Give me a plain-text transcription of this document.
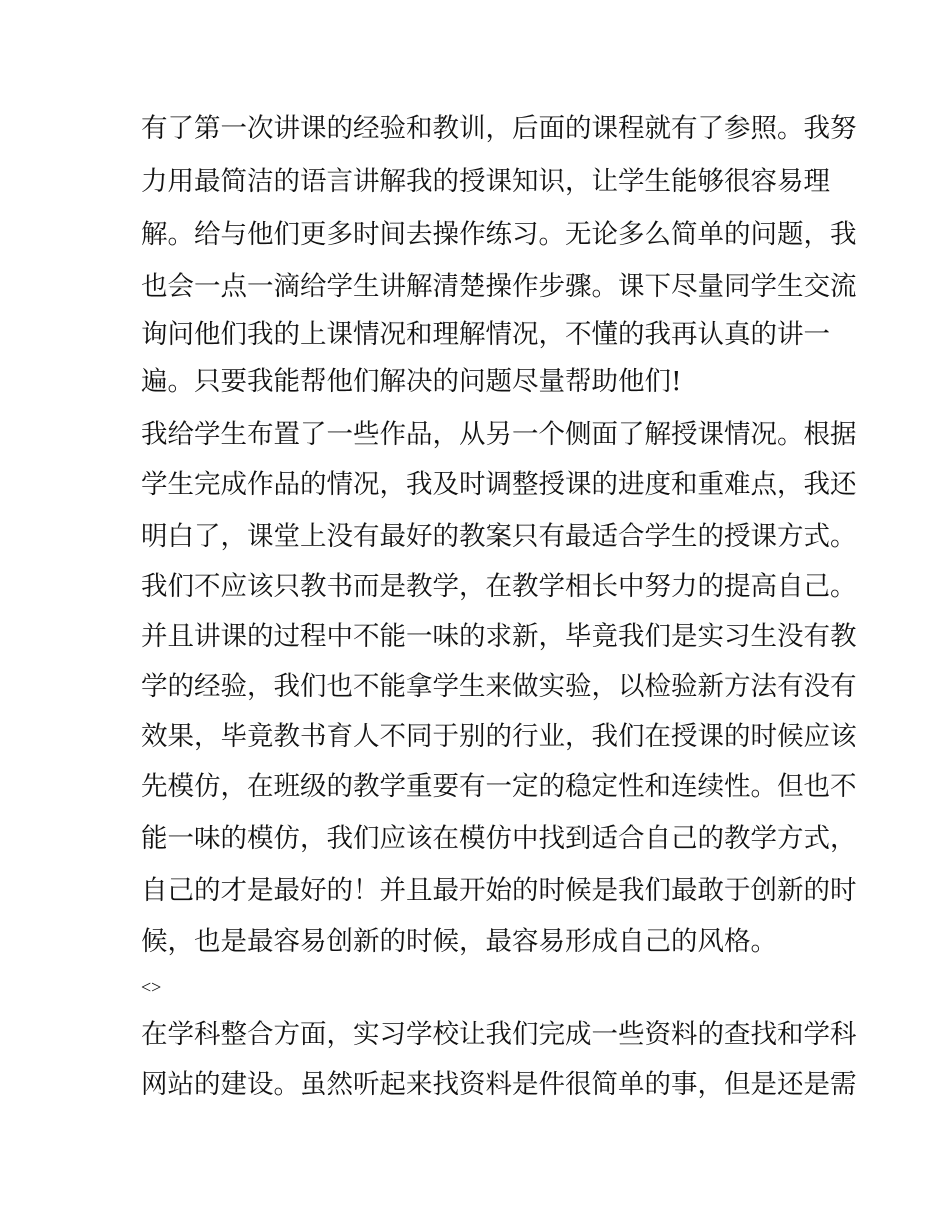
有了第一次讲课的经验和教训，后面的课程就有了参照。我努
力用最简洁的语言讲解我的授课知识，让学生能够很容易理
解。给与他们更多时间去操作练习。无论多么简单的问题，我
也会一点一滴给学生讲解清楚操作步骤。课下尽量同学生交流
询问他们我的上课情况和理解情况，不懂的我再认真的讲一
遍。只要我能帮他们解决的问题尽量帮助他们!
我给学生布置了一些作品，从另一个侧面了解授课情况。根据
学生完成作品的情况，我及时调整授课的进度和重难点，我还
明白了，课堂上没有最好的教案只有最适合学生的授课方式。
我们不应该只教书而是教学，在教学相长中努力的提高自己。
并且讲课的过程中不能一味的求新，毕竟我们是实习生没有教
学的经验，我们也不能拿学生来做实验，以检验新方法有没有
效果，毕竟教书育人不同于别的行业，我们在授课的时候应该
先模仿，在班级的教学重要有一定的稳定性和连续性。但也不
能一味的模仿，我们应该在模仿中找到适合自己的教学方式，
自己的才是最好的！并且最开始的时候是我们最敢于创新的时
候，也是最容易创新的时候，最容易形成自己的风格。
<>
在学科整合方面，实习学校让我们完成一些资料的查找和学科
网站的建设。虽然听起来找资料是件很简单的事，但是还是需
